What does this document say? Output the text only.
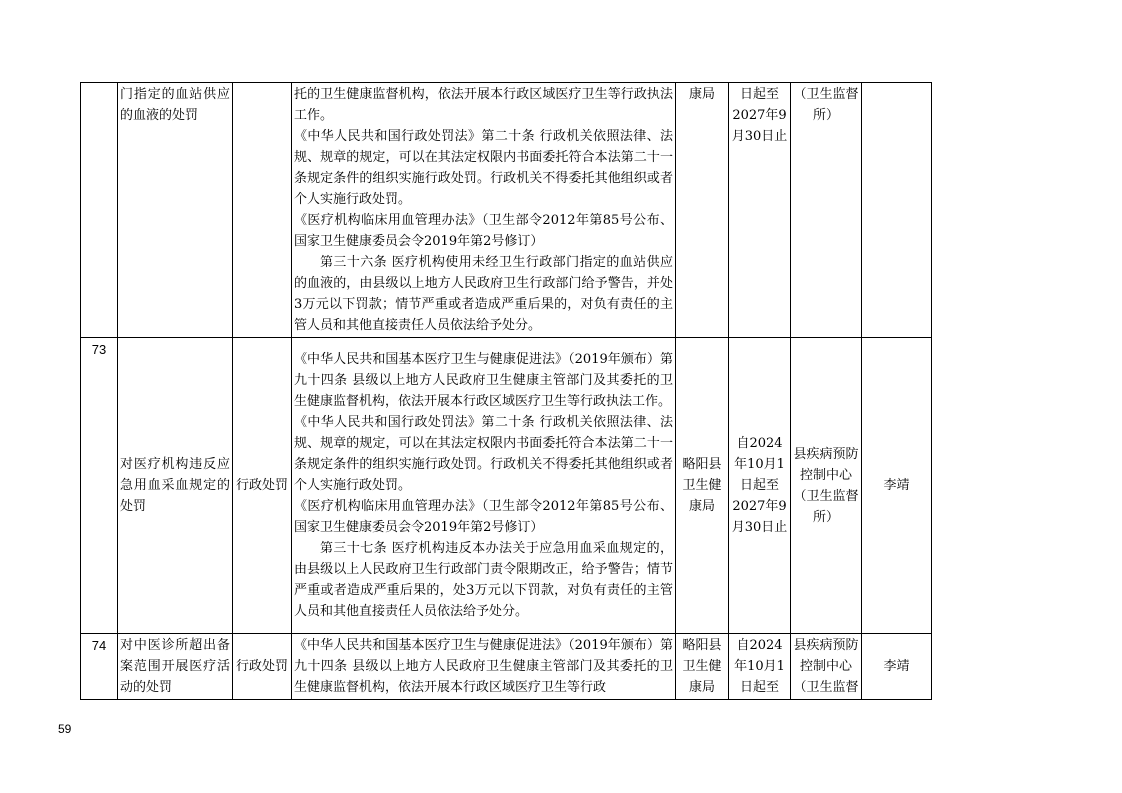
	门指定的血站供应的血液的处罚		托的卫生健康监督机构，依法开展本行政区域医疗卫生等行政执法工作。

《中华人民共和国行政处罚法》第二十条 行政机关依照法律、法规、规章的规定，可以在其法定权限内书面委托符合本法第二十一条规定条件的组织实施行政处罚。行政机关不得委托其他组织或者个人实施行政处罚。

《医疗机构临床用血管理办法》（卫生部令2012年第85号公布、国家卫生健康委员会令2019年第2号修订）

第三十六条 医疗机构使用未经卫生行政部门指定的血站供应的血液的，由县级以上地方人民政府卫生行政部门给予警告，并处3万元以下罚款；情节严重或者造成严重后果的，对负有责任的主管人员和其他直接责任人员依法给予处分。	康局	日起至2027年9月30日止	（卫生监督所）	
73	对医疗机构违反应急用血采血规定的处罚	行政处罚	《中华人民共和国基本医疗卫生与健康促进法》（2019年颁布）第九十四条 县级以上地方人民政府卫生健康主管部门及其委托的卫生健康监督机构，依法开展本行政区域医疗卫生等行政执法工作。

《中华人民共和国行政处罚法》第二十条 行政机关依照法律、法规、规章的规定，可以在其法定权限内书面委托符合本法第二十一条规定条件的组织实施行政处罚。行政机关不得委托其他组织或者个人实施行政处罚。

《医疗机构临床用血管理办法》（卫生部令2012年第85号公布、国家卫生健康委员会令2019年第2号修订）

第三十七条 医疗机构违反本办法关于应急用血采血规定的，由县级以上人民政府卫生行政部门责令限期改正，给予警告；情节严重或者造成严重后果的，处3万元以下罚款，对负有责任的主管人员和其他直接责任人员依法给予处分。	略阳县卫生健康局	自2024年10月1日起至2027年9月30日止	县疾病预防控制中心（卫生监督所）	李靖
74	对中医诊所超出备案范围开展医疗活动的处罚	行政处罚	《中华人民共和国基本医疗卫生与健康促进法》（2019年颁布）第九十四条 县级以上地方人民政府卫生健康主管部门及其委托的卫生健康监督机构，依法开展本行政区域医疗卫生等行政	略阳县卫生健康局	自2024年10月1日起至	县疾病预防控制中心（卫生监督	李靖
59
